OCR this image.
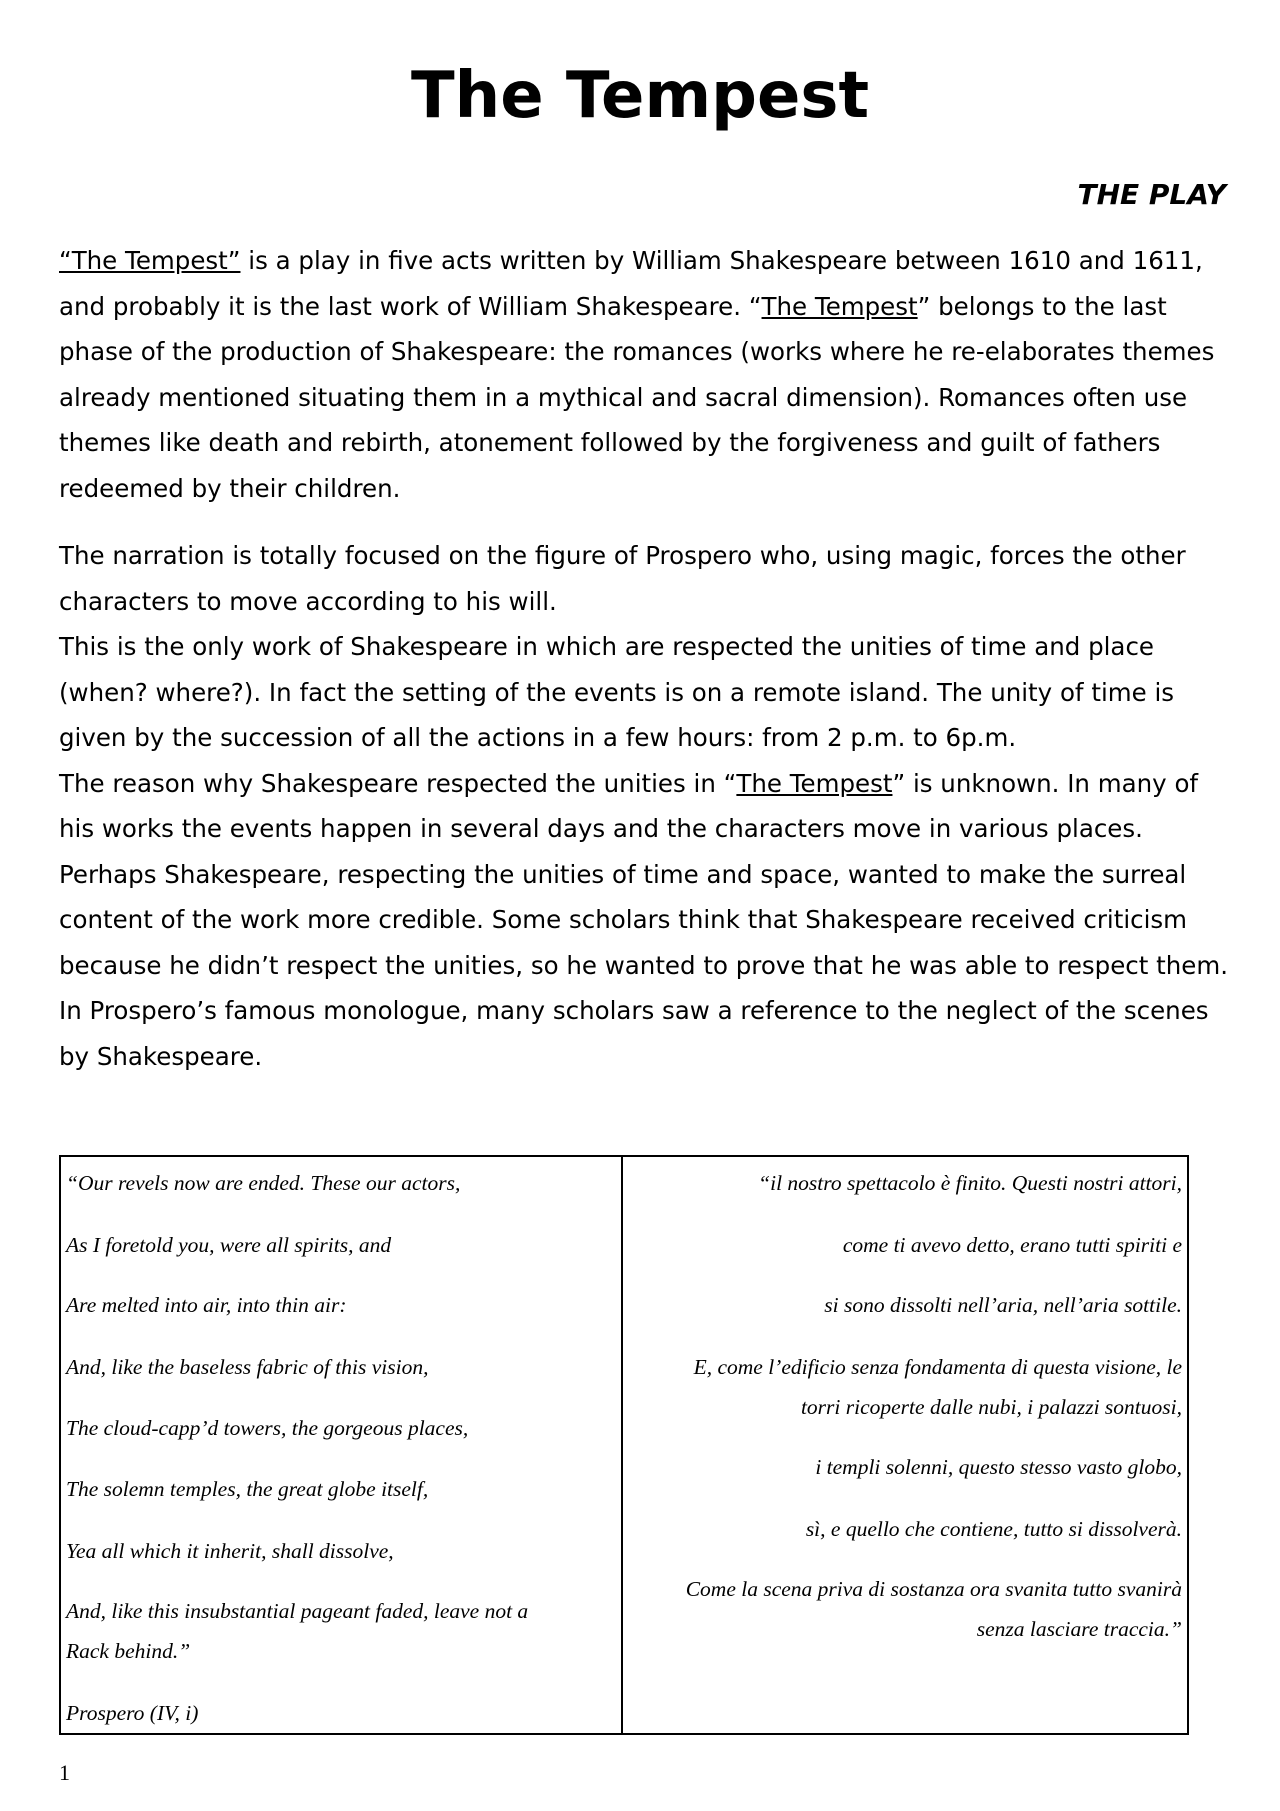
The Tempest
THE PLAY

“The Tempest” is a play in five acts written by William Shakespeare between 1610 and 1611, and probably it is the last work of William Shakespeare. “The Tempest” belongs to the last phase of the production of Shakespeare: the romances (works where he re-elaborates themes already mentioned situating them in a mythical and sacral dimension). Romances often use themes like death and rebirth, atonement followed by the forgiveness and guilt of fathers redeemed by their children.

The narration is totally focused on the figure of Prospero who, using magic, forces the other characters to move according to his will.

This is the only work of Shakespeare in which are respected the unities of time and place (when? where?). In fact the setting of the events is on a remote island. The unity of time is given by the succession of all the actions in a few hours: from 2 p.m. to 6p.m.

The reason why Shakespeare respected the unities in “The Tempest” is unknown. In many of his works the events happen in several days and the characters move in various places. Perhaps Shakespeare, respecting the unities of time and space, wanted to make the surreal content of the work more credible. Some scholars think that Shakespeare received criticism because he didn’t respect the unities, so he wanted to prove that he was able to respect them.

In Prospero’s famous monologue, many scholars saw a reference to the neglect of the scenes by Shakespeare.

“Our revels now are ended. These our actors,
As I foretold you, were all spirits, and
Are melted into air, into thin air:
And, like the baseless fabric of this vision,
The cloud-capp’d towers, the gorgeous places,
The solemn temples, the great globe itself,
Yea all which it inherit, shall dissolve,
And, like this insubstantial pageant faded, leave not a
Rack behind.”
Prospero (IV, i)
“il nostro spettacolo è finito. Questi nostri attori,
come ti avevo detto, erano tutti spiriti e
si sono dissolti nell’aria, nell’aria sottile.
E, come l’edificio senza fondamenta di questa visione, le
torri ricoperte dalle nubi, i palazzi sontuosi,
i templi solenni, questo stesso vasto globo,
sì, e quello che contiene, tutto si dissolverà.
Come la scena priva di sostanza ora svanita tutto svanirà
senza lasciare traccia.”
1
